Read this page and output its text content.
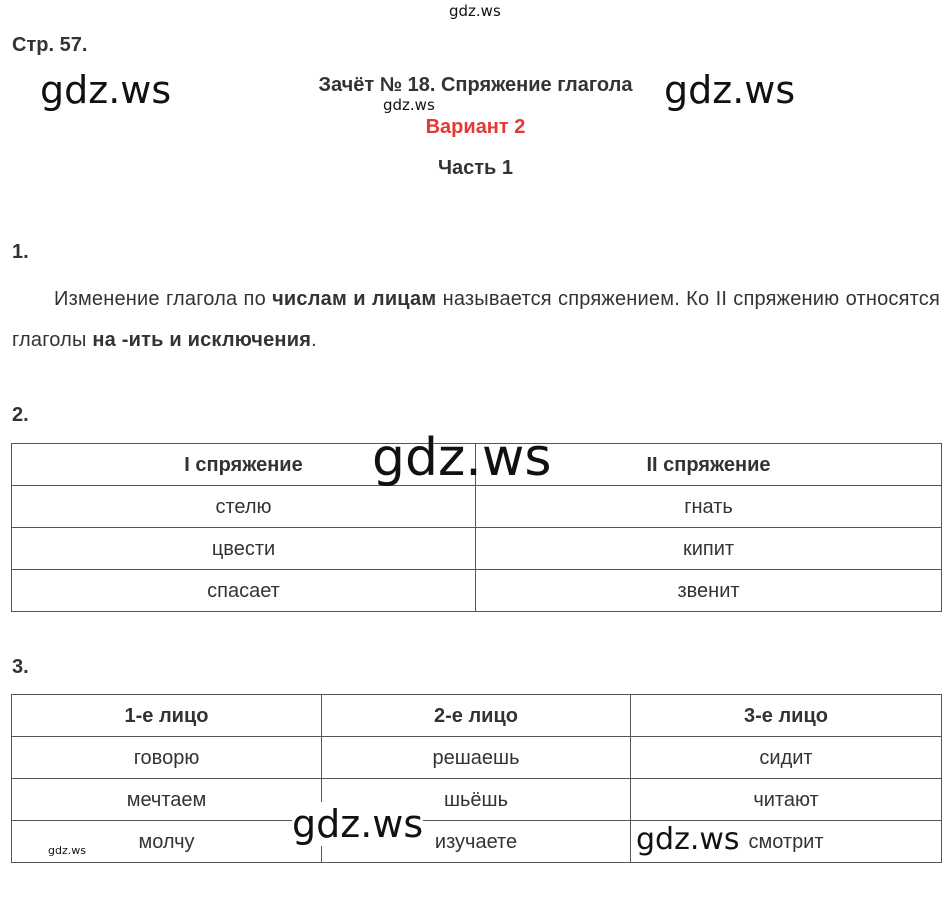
Стр. 57.
Зачёт № 18. Спряжение глагола
Вариант 2
Часть 1
1.
Изменение глагола по числам и лицам называется спряжением. Ко II спряжению относятся глаголы на -ить и исключения.
2.
I спряжение	II спряжение
стелю	гнать
цвести	кипит
спасает	звенит
3.
1-е лицо	2-е лицо	3-е лицо
говорю	решаешь	сидит
мечтаем	шьёшь	читают
молчу	изучаете	смотрит
gdz.ws
gdz.ws	gdz.ws
gdz.ws
gdz.ws
gdz.ws	gdz.ws
gdz.ws
